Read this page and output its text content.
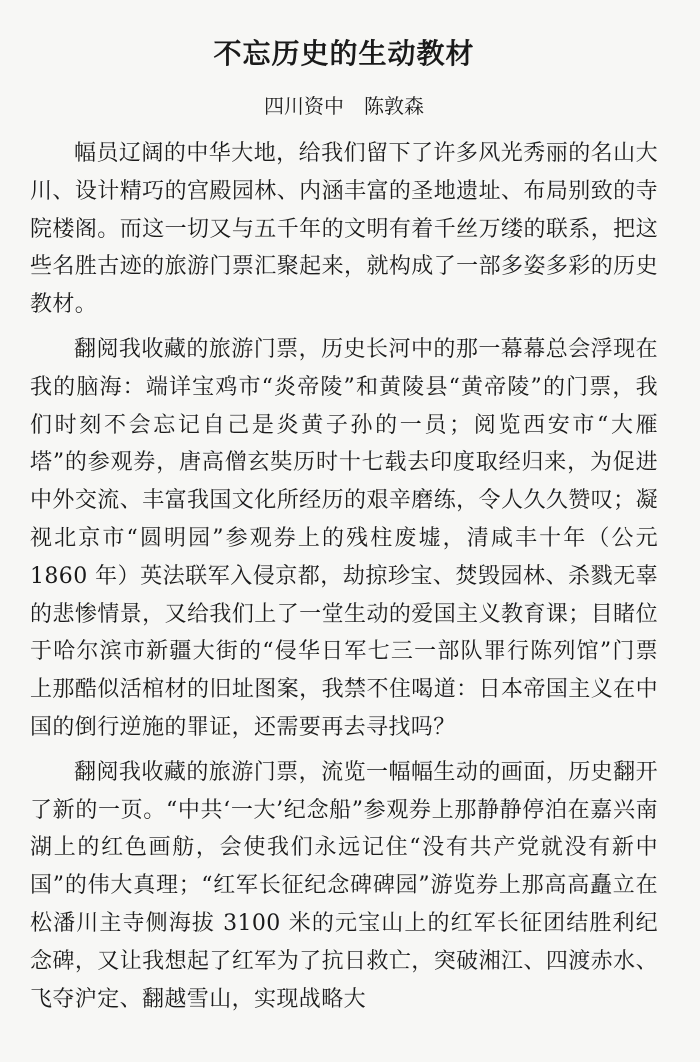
不忘历史的生动教材
四川资中 陈敦森

幅员辽阔的中华大地，给我们留下了许多风光秀丽的名山大川、设计精巧的宫殿园林、内涵丰富的圣地遗址、布局别致的寺院楼阁。而这一切又与五千年的文明有着千丝万缕的联系，把这些名胜古迹的旅游门票汇聚起来，就构成了一部多姿多彩的历史教材。

翻阅我收藏的旅游门票，历史长河中的那一幕幕总会浮现在我的脑海：端详宝鸡市“炎帝陵”和黄陵县“黄帝陵”的门票，我们时刻不会忘记自己是炎黄子孙的一员；阅览西安市“大雁塔”的参观券，唐高僧玄奘历时十七载去印度取经归来，为促进中外交流、丰富我国文化所经历的艰辛磨练，令人久久赞叹；凝视北京市“圆明园”参观券上的残柱废墟，清咸丰十年（公元 1860 年）英法联军入侵京都，劫掠珍宝、焚毁园林、杀戮无辜的悲惨情景，又给我们上了一堂生动的爱国主义教育课；目睹位于哈尔滨市新疆大街的“侵华日军七三一部队罪行陈列馆”门票上那酷似活棺材的旧址图案，我禁不住喝道：日本帝国主义在中国的倒行逆施的罪证，还需要再去寻找吗？

翻阅我收藏的旅游门票，流览一幅幅生动的画面，历史翻开了新的一页。“中共‘一大’纪念船”参观券上那静静停泊在嘉兴南湖上的红色画舫，会使我们永远记住“没有共产党就没有新中国”的伟大真理；“红军长征纪念碑碑园”游览券上那高高矗立在松潘川主寺侧海拔 3100 米的元宝山上的红军长征团结胜利纪念碑，又让我想起了红军为了抗日救亡，突破湘江、四渡赤水、飞夺沪定、翻越雪山，实现战略大
